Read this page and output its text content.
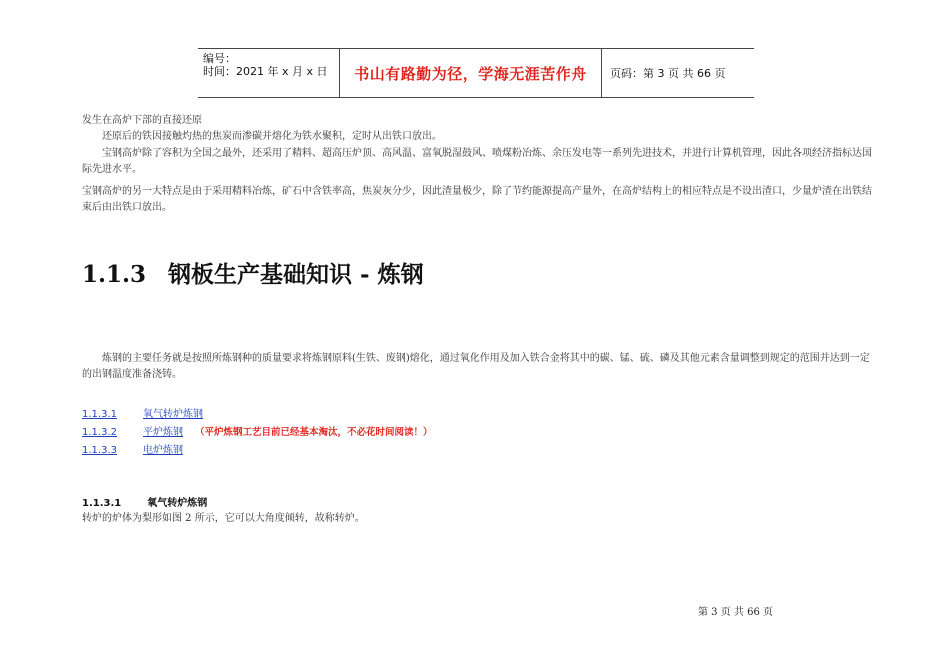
编号：
时间：2021 年 x 月 x 日	书山有路勤为径，学海无涯苦作舟	页码：第 3 页 共 66 页
发生在高炉下部的直接还原
还原后的铁因接触灼热的焦炭而渗碳并熔化为铁水聚积，定时从出铁口放出。
宝钢高炉除了容积为全国之最外，还采用了精料、超高压炉顶、高风温、富氧脱湿鼓风、喷煤粉冶炼、余压发电等一系列先进技术，并进行计算机管理，因此各项经济指标达国际先进水平。
宝钢高炉的另一大特点是由于采用精料冶炼，矿石中含铁率高，焦炭灰分少，因此渣量极少，除了节约能源提高产量外，在高炉结构上的相应特点是不设出渣口，少量炉渣在出铁结束后由出铁口放出。
1.1.3 钢板生产基础知识 - 炼钢
炼钢的主要任务就是按照所炼钢种的质量要求将炼钢原料(生铁、废钢)熔化，通过氧化作用及加入铁合金将其中的碳、锰、硫、磷及其他元素含量调整到规定的范围并达到一定的出钢温度准备浇铸。
1.1.3.1	氧气转炉炼钢
1.1.3.2	平炉炼钢 （平炉炼钢工艺目前已经基本淘汰，不必花时间阅读！）
1.1.3.3	电炉炼钢
1.1.3.1	氧气转炉炼钢
转炉的炉体为梨形如图 2 所示，它可以大角度倾转，故称转炉。
第 3 页 共 66 页
